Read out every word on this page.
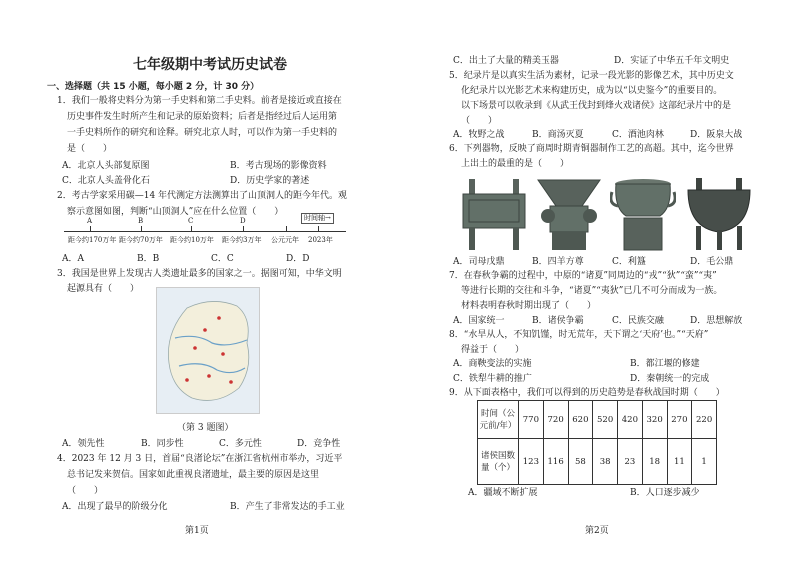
七年级期中考试历史试卷
一、选择题（共 15 小题，每小题 2 分，计 30 分）
1．我们一般将史料分为第一手史料和第二手史料。前者是接近或直接在
历史事件发生时所产生和记录的原始资料；后者是指经过后人运用第
一手史料所作的研究和诠释。研究北京人时，可以作为第一手史料的
是（　　）
A．北京人头部复原图	B．考古现场的影像资料
C．北京人头盖骨化石	D．历史学家的著述
2．考古学家采用碳—14 年代测定方法测算出了山顶洞人的距今年代。观
察示意图如图，判断“山顶洞人”应在什么位置（　　）
A	B	C	D	时间轴→
距今约170万年 距今约70万年 距今约10万年 距今约3万年 公元元年 2023年
A．A	B．B	C．C	D．D
3．我国是世界上发现古人类遗址最多的国家之一。据图可知，中华文明
起源具有（　　）
（第 3 题图）
A．领先性	B．同步性	C．多元性	D．竞争性
4．2023 年 12 月 3 日，首届“良渚论坛”在浙江省杭州市举办，习近平
总书记发来贺信。国家如此重视良渚遗址，最主要的原因是这里
（　　）
A．出现了最早的阶级分化	B．产生了非常发达的手工业
第1页
C．出土了大量的精美玉器	D．实证了中华五千年文明史
5．纪录片是以真实生活为素材，记录一段光影的影像艺术，其中历史文
化纪录片以光影艺术来构建历史，成为以“以史鉴今”的重要目的。
以下场景可以收录到《从武王伐封到烽火戏诸侯》这部纪录片中的是
（　　）
A．牧野之战	B．商汤灭夏	C．酒池肉林	D．阪泉大战
6．下列器物，反映了商周时期青铜器制作工艺的高超。其中，迄今世界
上出土的最重的是（　　）
A．司母戊鼎	B．四羊方尊	C．利簋	D．毛公鼎
7．在春秋争霸的过程中，中原的“诸夏”同周边的“戎”“狄”“蛮”“夷”
等进行长期的交往和斗争，“诸夏”“夷狄”已几不可分而成为一族。
材料表明春秋时期出现了（　　）
A．国家统一	B．诸侯争霸	C．民族交融	D．思想解放
8．“水旱从人，不知饥馑，时无荒年，天下谓之‘天府’也。”“天府”
得益于（　　）
A．商鞅变法的实施	B．都江堰的修建
C．铁犁牛耕的推广	D．秦朝统一的完成
9．从下面表格中，我们可以得到的历史趋势是春秋战国时期（　　）
时间（公元前/年）	770	720	620	520	420	320	270	220
诸侯国数量（个）	123	116	58	38	23	18	11	1
A．疆域不断扩展	B．人口逐步减少
第2页
